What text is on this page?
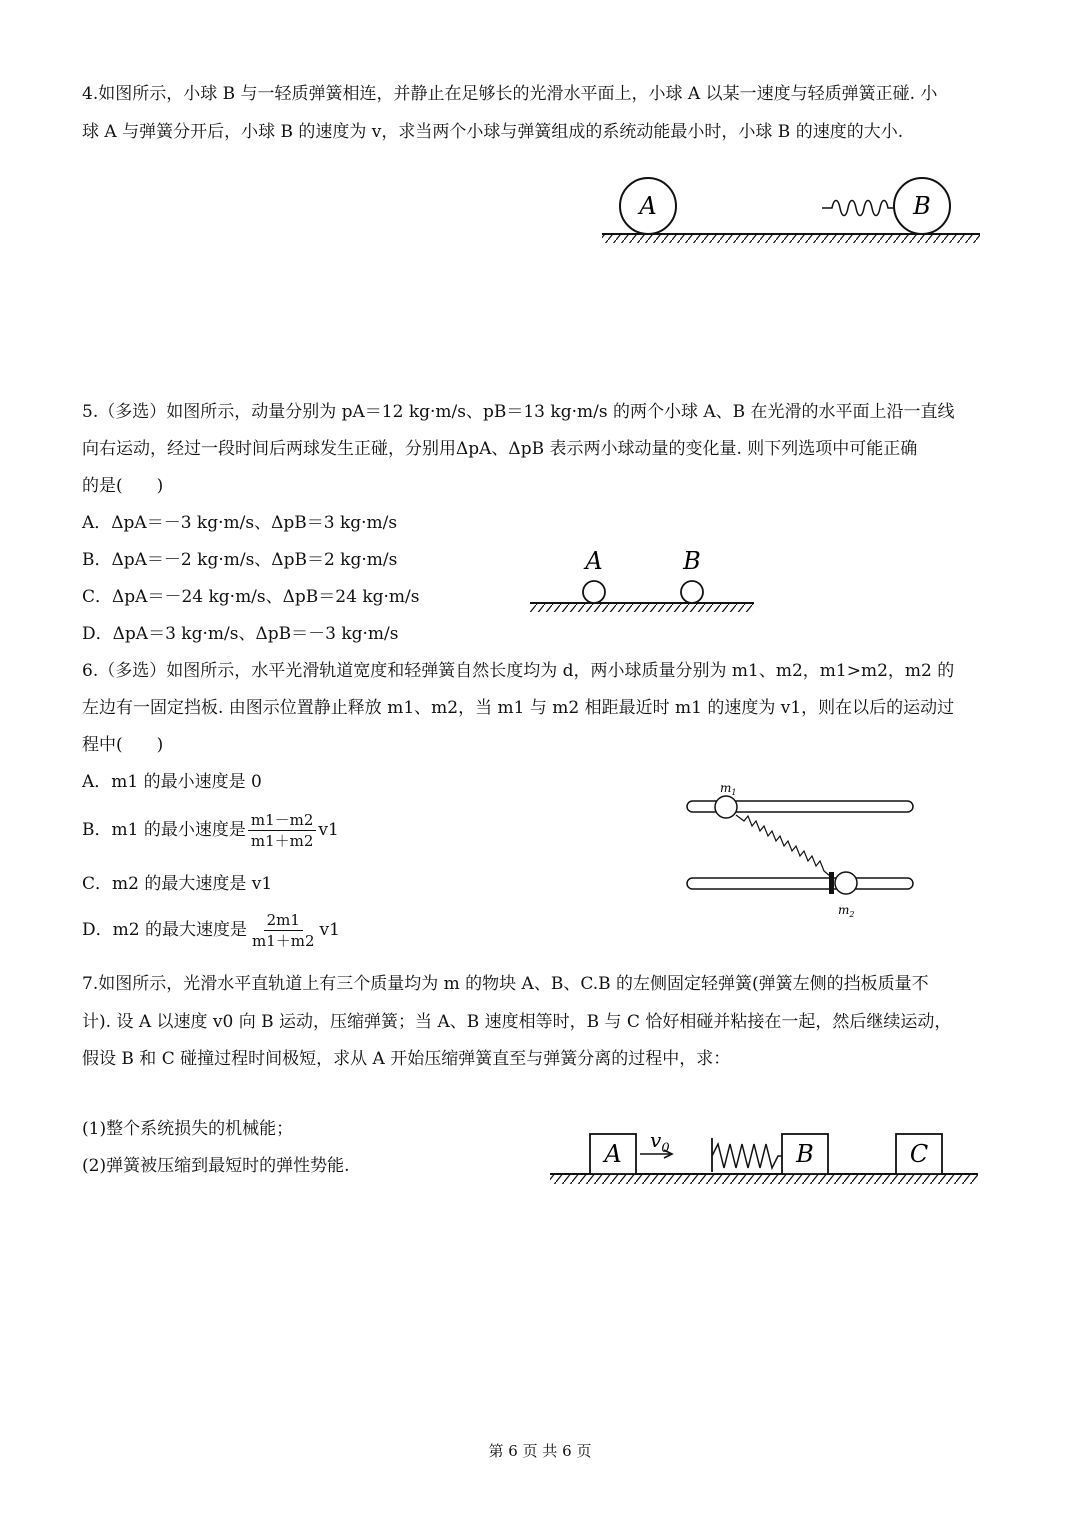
4.如图所示，小球 B 与一轻质弹簧相连，并静止在足够长的光滑水平面上，小球 A 以某一速度与轻质弹簧正碰. 小
球 A 与弹簧分开后，小球 B 的速度为 v，求当两个小球与弹簧组成的系统动能最小时，小球 B 的速度的大小.
A	B
5.（多选）如图所示，动量分别为 pA＝12 kg·m/s、pB＝13 kg·m/s 的两个小球 A、B 在光滑的水平面上沿一直线
向右运动，经过一段时间后两球发生正碰，分别用ΔpA、ΔpB 表示两小球动量的变化量. 则下列选项中可能正确
的是(　　)
A．ΔpA＝－3 kg·m/s、ΔpB＝3 kg·m/s
B．ΔpA＝－2 kg·m/s、ΔpB＝2 kg·m/s
C．ΔpA＝－24 kg·m/s、ΔpB＝24 kg·m/s
D．ΔpA＝3 kg·m/s、ΔpB＝－3 kg·m/s
A	B
6.（多选）如图所示，水平光滑轨道宽度和轻弹簧自然长度均为 d，两小球质量分别为 m1、m2，m1>m2，m2 的
左边有一固定挡板. 由图示位置静止释放 m1、m2，当 m1 与 m2 相距最近时 m1 的速度为 v1，则在以后的运动过
程中(　　)
A．m1 的最小速度是 0
B．m1 的最小速度是 $\frac{m1-m2}{m1+m2} v1$
C．m2 的最大速度是 v1
D．m2 的最大速度是 $\frac{2m1}{m1+m2} v1$
$m_1$
$m_2$
7.如图所示，光滑水平直轨道上有三个质量均为 m 的物块 A、B、C.B 的左侧固定轻弹簧(弹簧左侧的挡板质量不
计). 设 A 以速度 v0 向 B 运动，压缩弹簧；当 A、B 速度相等时，B 与 C 恰好相碰并粘接在一起，然后继续运动，
假设 B 和 C 碰撞过程时间极短，求从 A 开始压缩弹簧直至与弹簧分离的过程中，求：
(1)整个系统损失的机械能；
(2)弹簧被压缩到最短时的弹性势能.	A $v_0$	B	C
第 6 页 共 6 页
